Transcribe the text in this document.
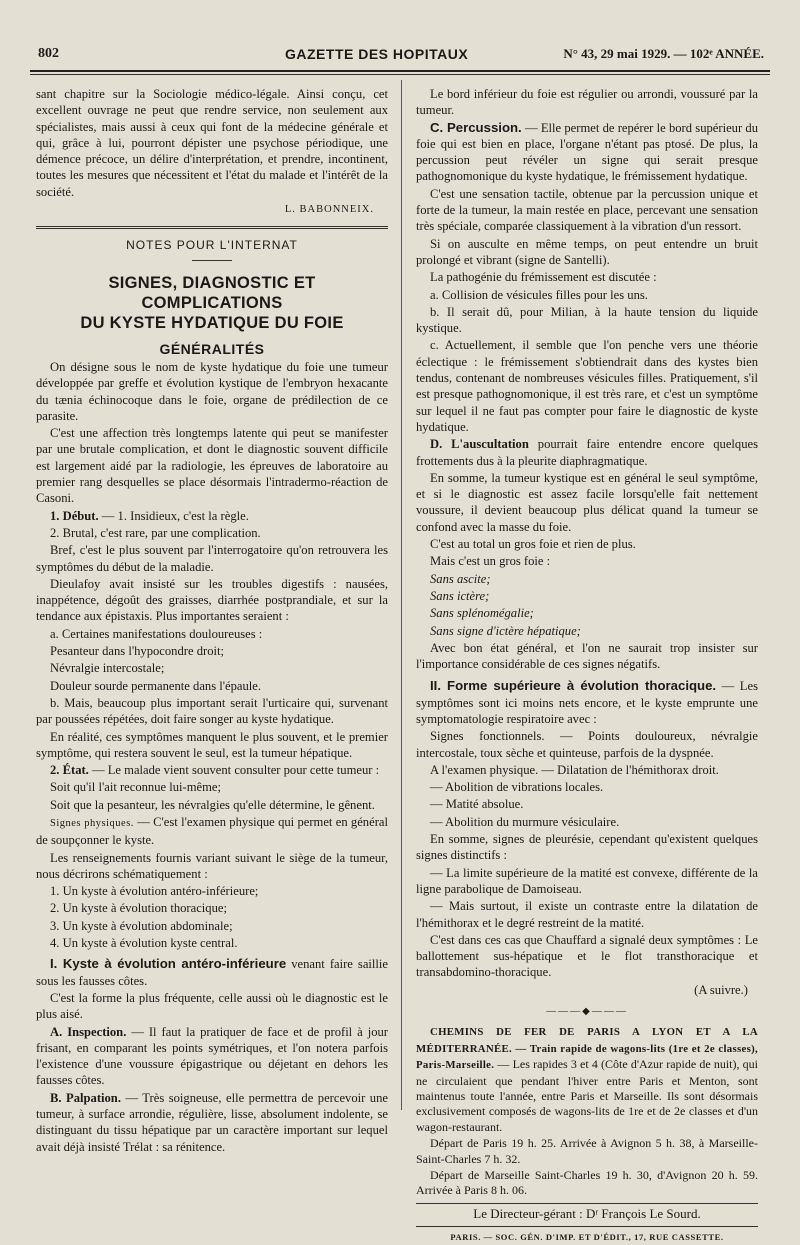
802	GAZETTE DES HOPITAUX	N° 43, 29 mai 1929. — 102ᵉ ANNÉE.

sant chapitre sur la Sociologie médico-légale. Ainsi conçu, cet excellent ouvrage ne peut que rendre service, non seulement aux spécialistes, mais aussi à ceux qui font de la médecine générale et qui, grâce à lui, pourront dépister une psychose périodique, une démence précoce, un délire d'interprétation, et prendre, incontinent, toutes les mesures que nécessitent et l'état du malade et l'intérêt de la société.

L. BABONNEIX.
NOTES POUR L'INTERNAT
SIGNES, DIAGNOSTIC ET COMPLICATIONS
DU KYSTE HYDATIQUE DU FOIE
GÉNÉRALITÉS

On désigne sous le nom de kyste hydatique du foie une tumeur développée par greffe et évolution kystique de l'embryon hexacante du tænia échinocoque dans le foie, organe de prédilection de ce parasite.

C'est une affection très longtemps latente qui peut se manifester par une brutale complication, et dont le diagnostic souvent difficile est largement aidé par la radiologie, les épreuves de laboratoire au premier rang desquelles se place désormais l'intradermo-réaction de Casoni.

1. Début. — 1. Insidieux, c'est la règle.

2. Brutal, c'est rare, par une complication.

Bref, c'est le plus souvent par l'interrogatoire qu'on retrouvera les symptômes du début de la maladie.

Dieulafoy avait insisté sur les troubles digestifs : nausées, inappétence, dégoût des graisses, diarrhée postprandiale, et sur la tendance aux épistaxis. Plus importantes seraient :

a. Certaines manifestations douloureuses :

Pesanteur dans l'hypocondre droit;

Névralgie intercostale;

Douleur sourde permanente dans l'épaule.

b. Mais, beaucoup plus important serait l'urticaire qui, survenant par poussées répétées, doit faire songer au kyste hydatique.

En réalité, ces symptômes manquent le plus souvent, et le premier symptôme, qui restera souvent le seul, est la tumeur hépatique.

2. État. — Le malade vient souvent consulter pour cette tumeur :

Soit qu'il l'ait reconnue lui-même;

Soit que la pesanteur, les névralgies qu'elle détermine, le gênent.

Signes physiques. — C'est l'examen physique qui permet en général de soupçonner le kyste.

Les renseignements fournis variant suivant le siège de la tumeur, nous décrirons schématiquement :

1. Un kyste à évolution antéro-inférieure;

2. Un kyste à évolution thoracique;

3. Un kyste à évolution abdominale;

4. Un kyste à évolution kyste central.

I. Kyste à évolution antéro-inférieure venant faire saillie sous les fausses côtes.

C'est la forme la plus fréquente, celle aussi où le diagnostic est le plus aisé.

A. Inspection. — Il faut la pratiquer de face et de profil à jour frisant, en comparant les points symétriques, et l'on notera parfois l'existence d'une voussure épigastrique ou déjetant en dehors les fausses côtes.

B. Palpation. — Très soigneuse, elle permettra de percevoir une tumeur, à surface arrondie, régulière, lisse, absolument indolente, se distinguant du tissu hépatique par un caractère important sur lequel avait déjà insisté Trélat : sa rénitence.

Le bord inférieur du foie est régulier ou arrondi, voussuré par la tumeur.

C. Percussion. — Elle permet de repérer le bord supérieur du foie qui est bien en place, l'organe n'étant pas ptosé. De plus, la percussion peut révéler un signe qui serait presque pathognomonique du kyste hydatique, le frémissement hydatique.

C'est une sensation tactile, obtenue par la percussion unique et forte de la tumeur, la main restée en place, percevant une sensation très spéciale, comparée classiquement à la vibration d'un ressort.

Si on ausculte en même temps, on peut entendre un bruit prolongé et vibrant (signe de Santelli).

La pathogénie du frémissement est discutée :

a. Collision de vésicules filles pour les uns.

b. Il serait dû, pour Milian, à la haute tension du liquide kystique.

c. Actuellement, il semble que l'on penche vers une théorie éclectique : le frémissement s'obtiendrait dans des kystes bien tendus, contenant de nombreuses vésicules filles. Pratiquement, s'il est presque pathognomonique, il est très rare, et c'est un symptôme sur lequel il ne faut pas compter pour faire le diagnostic de kyste hydatique.

D. L'auscultation pourrait faire entendre encore quelques frottements dus à la pleurite diaphragmatique.

En somme, la tumeur kystique est en général le seul symptôme, et si le diagnostic est assez facile lorsqu'elle fait nettement voussure, il devient beaucoup plus délicat quand la tumeur se confond avec la masse du foie.

C'est au total un gros foie et rien de plus.

Mais c'est un gros foie :

Sans ascite;

Sans ictère;

Sans splénomégalie;

Sans signe d'ictère hépatique;

Avec bon état général, et l'on ne saurait trop insister sur l'importance considérable de ces signes négatifs.

II. Forme supérieure à évolution thoracique. — Les symptômes sont ici moins nets encore, et le kyste emprunte une symptomatologie respiratoire avec :

Signes fonctionnels. — Points douloureux, névralgie intercostale, toux sèche et quinteuse, parfois de la dyspnée.

A l'examen physique. — Dilatation de l'hémithorax droit.

— Abolition de vibrations locales.

— Matité absolue.

— Abolition du murmure vésiculaire.

En somme, signes de pleurésie, cependant qu'existent quelques signes distinctifs :

— La limite supérieure de la matité est convexe, différente de la ligne parabolique de Damoiseau.

— Mais surtout, il existe un contraste entre la dilatation de l'hémithorax et le degré restreint de la matité.

C'est dans ces cas que Chauffard a signalé deux symptômes : Le ballottement sus-hépatique et le flot transthoracique et transabdomino-thoracique.

(A suivre.)

———◆———

CHEMINS DE FER DE PARIS A LYON ET A LA MÉDITERRANÉE. — Train rapide de wagons-lits (1re et 2e classes), Paris-Marseille. — Les rapides 3 et 4 (Côte d'Azur rapide de nuit), qui ne circulaient que pendant l'hiver entre Paris et Menton, sont maintenus toute l'année, entre Paris et Marseille. Ils sont désormais exclusivement composés de wagons-lits de 1re et de 2e classes et d'un wagon-restaurant.

Départ de Paris 19 h. 25. Arrivée à Avignon 5 h. 38, à Marseille-Saint-Charles 7 h. 32.

Départ de Marseille Saint-Charles 19 h. 30, d'Avignon 20 h. 59. Arrivée à Paris 8 h. 06.

Le Directeur-gérant : Dʳ François Le Sourd.
PARIS. — SOC. GÉN. D'IMP. ET D'ÉDIT., 17, RUE CASSETTE.
